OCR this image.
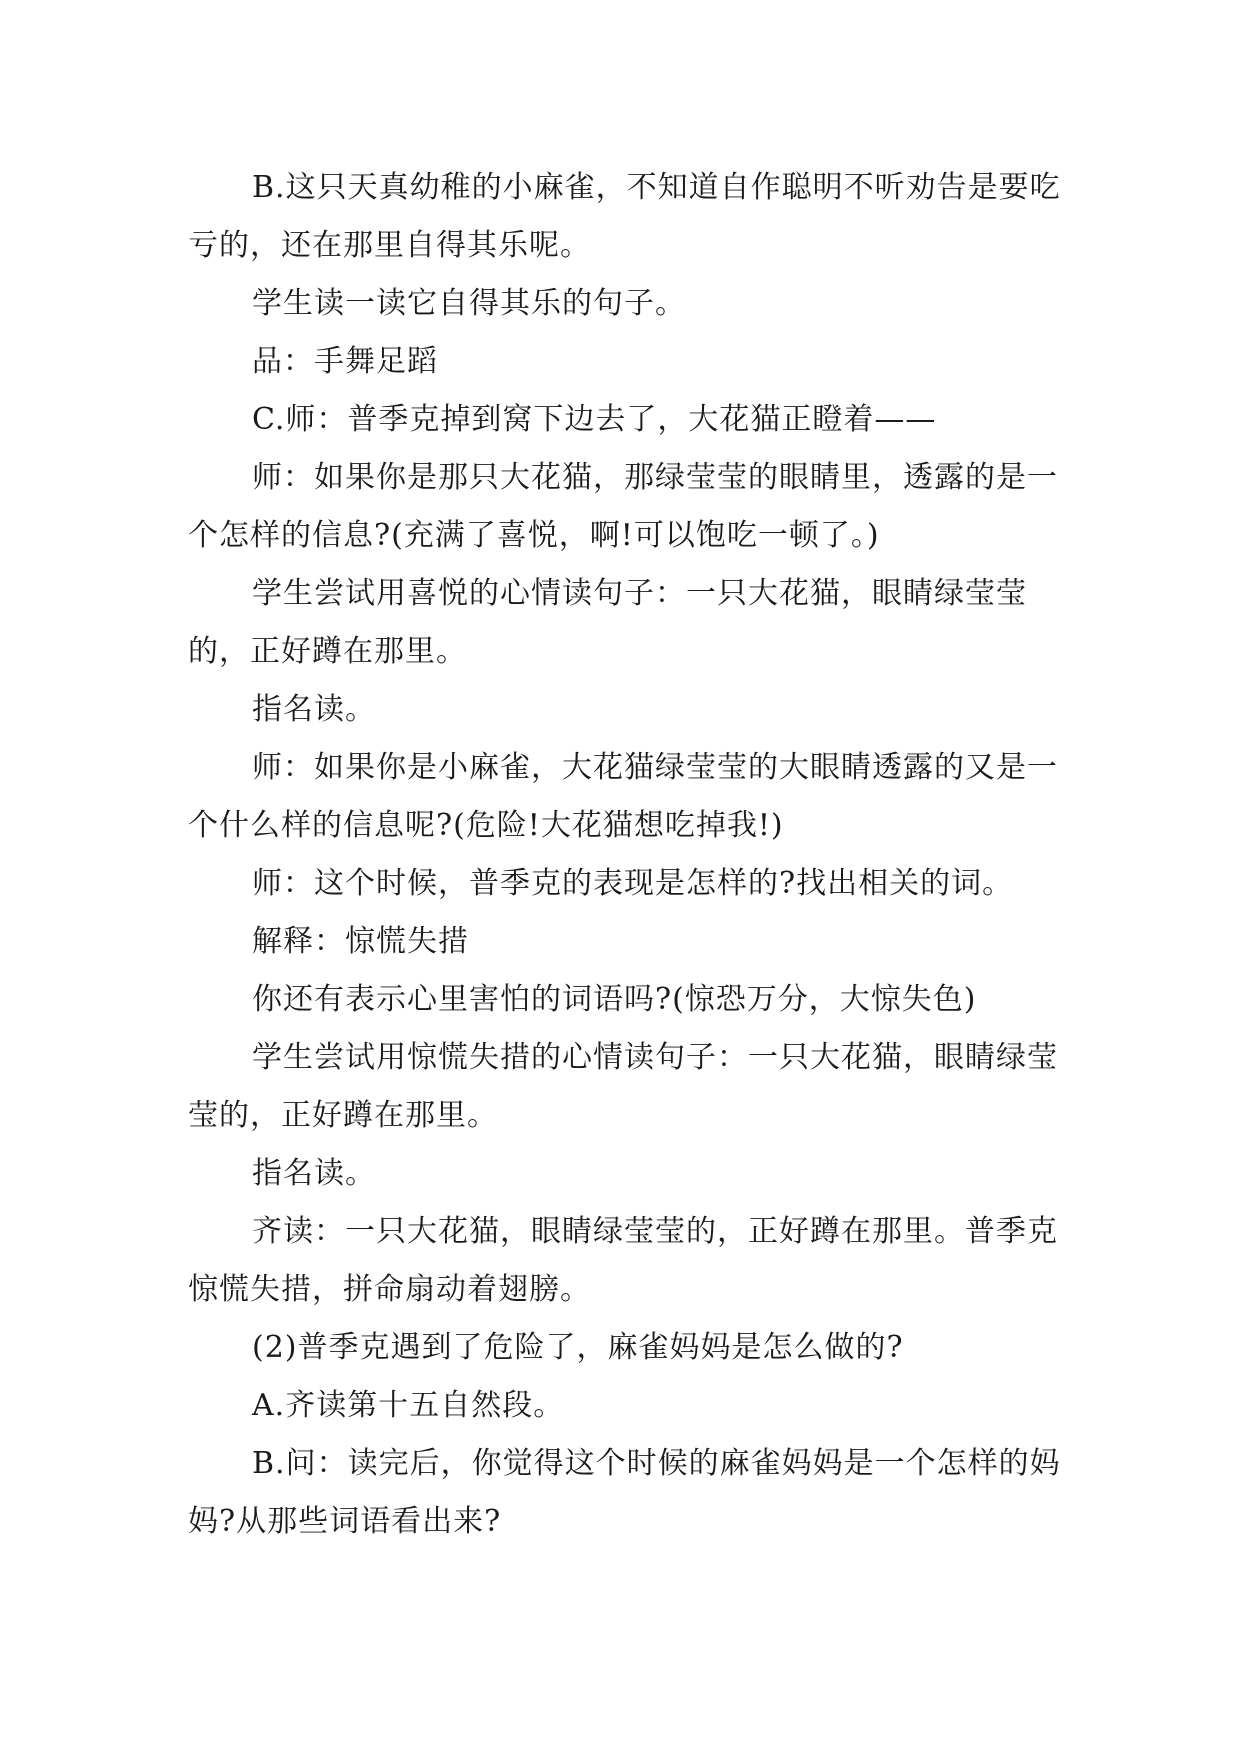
B.这只天真幼稚的小麻雀，不知道自作聪明不听劝告是要吃亏的，还在那里自得其乐呢。

学生读一读它自得其乐的句子。

品：手舞足蹈

C.师：普季克掉到窝下边去了，大花猫正瞪着——

师：如果你是那只大花猫，那绿莹莹的眼睛里，透露的是一个怎样的信息?(充满了喜悦，啊!可以饱吃一顿了。)

学生尝试用喜悦的心情读句子：一只大花猫，眼睛绿莹莹的，正好蹲在那里。

指名读。

师：如果你是小麻雀，大花猫绿莹莹的大眼睛透露的又是一个什么样的信息呢?(危险!大花猫想吃掉我!)

师：这个时候，普季克的表现是怎样的?找出相关的词。

解释：惊慌失措

你还有表示心里害怕的词语吗?(惊恐万分，大惊失色)

学生尝试用惊慌失措的心情读句子：一只大花猫，眼睛绿莹莹的，正好蹲在那里。

指名读。

齐读：一只大花猫，眼睛绿莹莹的，正好蹲在那里。普季克惊慌失措，拼命扇动着翅膀。

(2)普季克遇到了危险了，麻雀妈妈是怎么做的?

A.齐读第十五自然段。

B.问：读完后，你觉得这个时候的麻雀妈妈是一个怎样的妈妈?从那些词语看出来?
